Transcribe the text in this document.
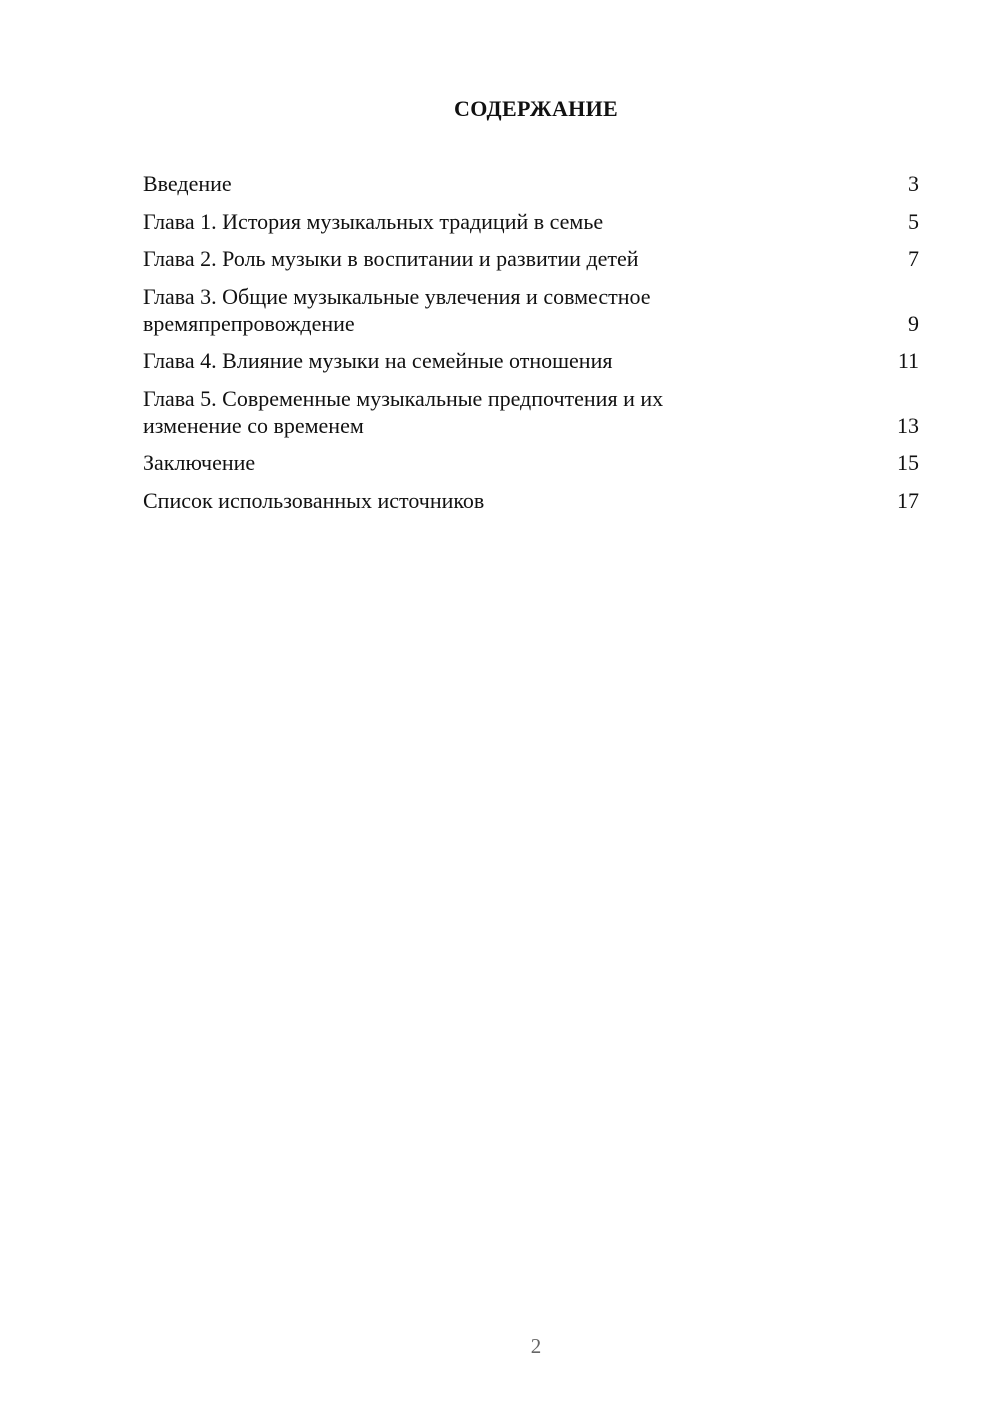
СОДЕРЖАНИЕ
Введение	3
Глава 1. История музыкальных традиций в семье	5
Глава 2. Роль музыки в воспитании и развитии детей	7
Глава 3. Общие музыкальные увлечения и совместное времяпрепровождение	9
Глава 4. Влияние музыки на семейные отношения	11
Глава 5. Современные музыкальные предпочтения и их изменение со временем	13
Заключение	15
Список использованных источников	17
2
